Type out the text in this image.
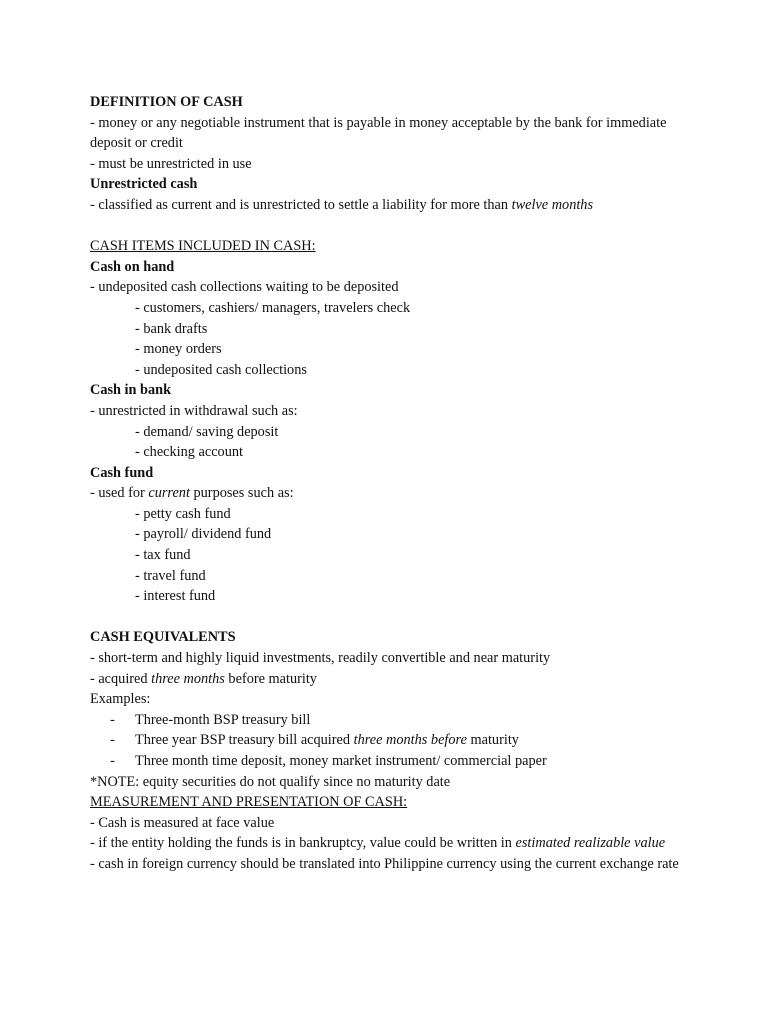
DEFINITION OF CASH
- money or any negotiable instrument that is payable in money acceptable by the bank for immediate deposit or credit
- must be unrestricted in use
Unrestricted cash
- classified as current and is unrestricted to settle a liability for more than twelve months
CASH ITEMS INCLUDED IN CASH:
Cash on hand
- undeposited cash collections waiting to be deposited
- customers, cashiers/ managers, travelers check
- bank drafts
- money orders
- undeposited cash collections
Cash in bank
- unrestricted in withdrawal such as:
- demand/ saving deposit
- checking account
Cash fund
- used for current purposes such as:
- petty cash fund
- payroll/ dividend fund
- tax fund
- travel fund
- interest fund
CASH EQUIVALENTS
- short-term and highly liquid investments, readily convertible and near maturity
- acquired three months before maturity
Examples:
-	Three-month BSP treasury bill
-	Three year BSP treasury bill acquired three months before maturity
-	Three month time deposit, money market instrument/ commercial paper
*NOTE: equity securities do not qualify since no maturity date
MEASUREMENT AND PRESENTATION OF CASH:
- Cash is measured at face value
- if the entity holding the funds is in bankruptcy, value could be written in estimated realizable value
- cash in foreign currency should be translated into Philippine currency using the current exchange rate
